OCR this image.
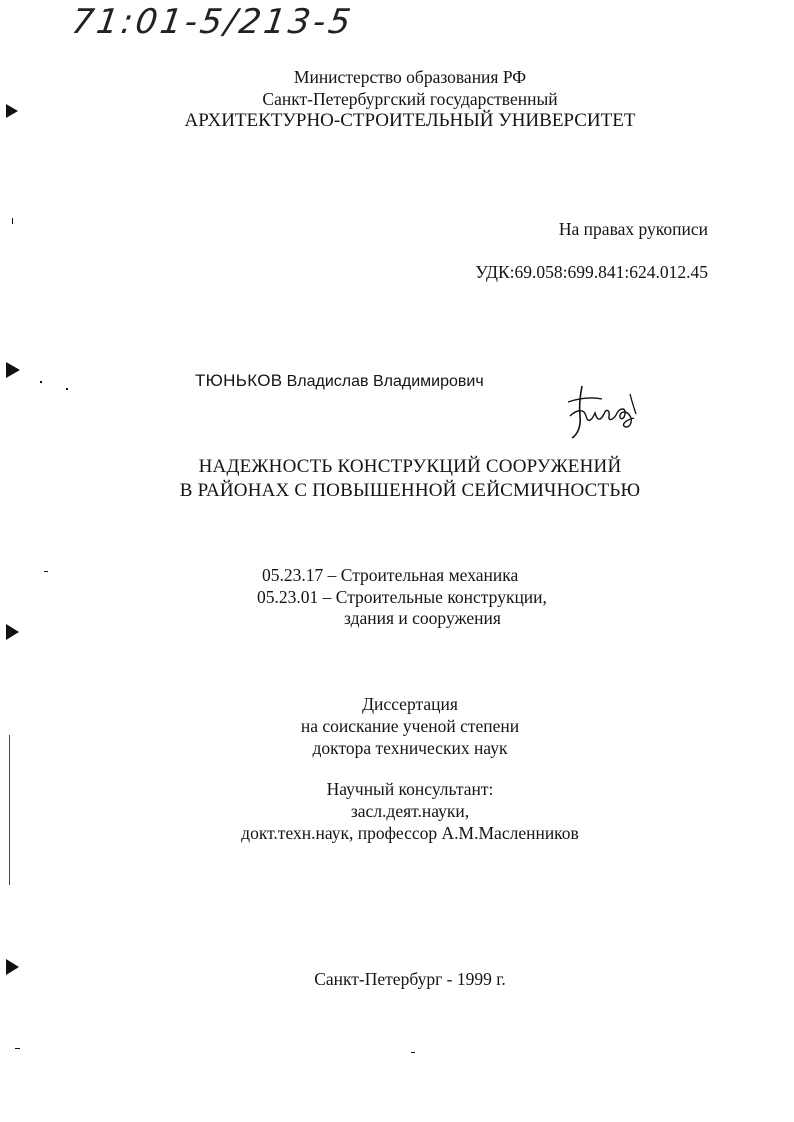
71:01-5/213-5
Министерство образования РФ
Санкт-Петербургский государственный
АРХИТЕКТУРНО-СТРОИТЕЛЬНЫЙ УНИВЕРСИТЕТ
На правах рукописи
УДК:69.058:699.841:624.012.45
ТЮНЬКОВ Владислав Владимирович
НАДЕЖНОСТЬ КОНСТРУКЦИЙ СООРУЖЕНИЙ
В РАЙОНАХ С ПОВЫШЕННОЙ СЕЙСМИЧНОСТЬЮ
05.23.17 – Строительная механика
05.23.01 – Строительные конструкции,
здания и сооружения
Диссертация
на соискание ученой степени
доктора технических наук
Научный консультант:
засл.деят.науки,
докт.техн.наук, профессор А.М.Масленников
Санкт-Петербург - 1999 г.
